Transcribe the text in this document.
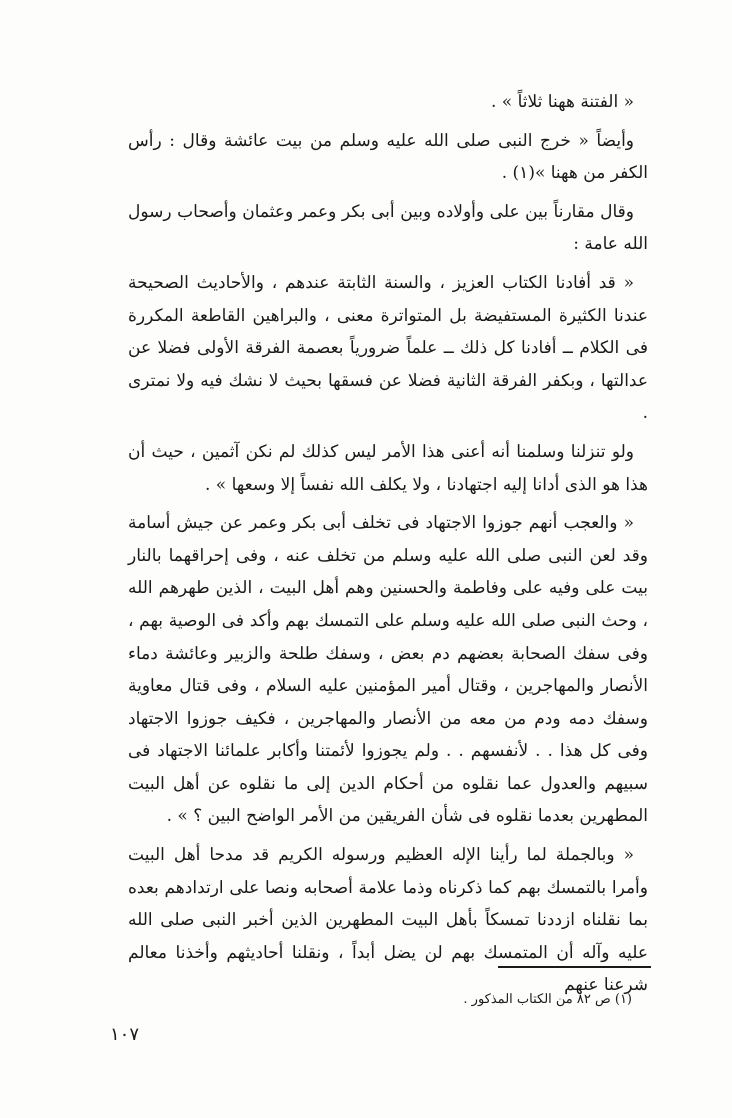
« الفتنة ههنا ثلاثاً » .

وأيضاً « خرج النبى صلى الله عليه وسلم من بيت عائشة وقال : رأس الكفر من ههنا »(١) .

وقال مقارناً بين على وأولاده وبين أبى بكر وعمر وعثمان وأصحاب رسول الله عامة :

« قد أفادنا الكتاب العزيز ، والسنة الثابتة عندهم ، والأحاديث الصحيحة عندنا الكثيرة المستفيضة بل المتواترة معنى ، والبراهين القاطعة المكررة فى الكلام ــ أفادنا كل ذلك ــ علماً ضرورياً بعصمة الفرقة الأولى فضلا عن عدالتها ، وبكفر الفرقة الثانية فضلا عن فسقها بحيث لا نشك فيه ولا نمترى .

ولو تنزلنا وسلمنا أنه أعنى هذا الأمر ليس كذلك لم نكن آثمين ، حيث أن هذا هو الذى أدانا إليه اجتهادنا ، ولا يكلف الله نفساً إلا وسعها » .

« والعجب أنهم جوزوا الاجتهاد فى تخلف أبى بكر وعمر عن جيش أسامة وقد لعن النبى صلى الله عليه وسلم من تخلف عنه ، وفى إحراقهما بالنار بيت على وفيه على وفاطمة والحسنين وهم أهل البيت ، الذين طهرهم الله ، وحث النبى صلى الله عليه وسلم على التمسك بهم وأكد فى الوصية بهم ، وفى سفك الصحابة بعضهم دم بعض ، وسفك طلحة والزبير وعائشة دماء الأنصار والمهاجرين ، وقتال أمير المؤمنين عليه السلام ، وفى قتال معاوية وسفك دمه ودم من معه من الأنصار والمهاجرين ، فكيف جوزوا الاجتهاد وفى كل هذا . . لأنفسهم . . ولم يجوزوا لأئمتنا وأكابر علمائنا الاجتهاد فى سبيهم والعدول عما نقلوه من أحكام الدين إلى ما نقلوه عن أهل البيت المطهرين بعدما نقلوه فى شأن الفريقين من الأمر الواضح البين ؟ » .

« وبالجملة لما رأينا الإله العظيم ورسوله الكريم قد مدحا أهل البيت وأمرا بالتمسك بهم كما ذكرناه وذما علامة أصحابه ونصا على ارتدادهم بعده بما نقلناه ازددنا تمسكاً بأهل البيت المطهرين الذين أخبر النبى صلى الله عليه وآله أن المتمسك بهم لن يضل أبداً ، ونقلنا أحاديثهم وأخذنا معالم شرعنا عنهم

(١) ص ٨٢ من الكتاب المذكور .
١٠٧
